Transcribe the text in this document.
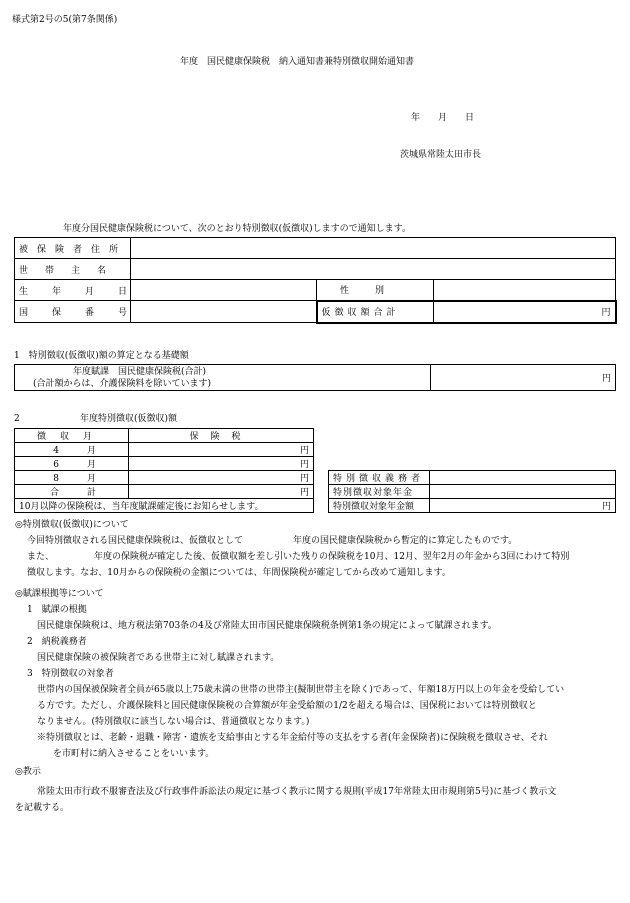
様式第2号の5(第7条関係)
年度　国民健康保険税　納入通知書兼特別徴収開始通知書
年　　月　　日
茨城県常陸太田市長
年度分国民健康保険税について、次のとおり特別徴収(仮徴収)しますので通知します。
被保険者住所			
世帯主名			
生年月日		性別	
国保番号		仮徴収額合計	円
1　特別徴収(仮徴収)額の算定となる基礎額
年度賦課　国民健康保険税(合計)
(合計額からは、介護保険料を除いています)	円
2	年度特別徴収(仮徴収)額
徴収月	保険税
4 月	円
6 月	円
8 月	円
合 計	円
10月以降の保険税は、当年度賦課確定後にお知らせします。	
特別徴収義務者	
特別徴収対象年金	
特別徴収対象年金額	円
◎特別徴収(仮徴収)について
今回特別徴収される国民健康保険税は、仮徴収として	年度の国民健康保険税から暫定的に算定したものです。
また、	年度の保険税が確定した後、仮徴収額を差し引いた残りの保険税を10月、12月、翌年2月の年金から3回にわけて特別
徴収します。なお、10月からの保険税の金額については、年間保険税が確定してから改めて通知します。
◎賦課根拠等について
1　賦課の根拠
国民健康保険税は、地方税法第703条の4及び常陸太田市国民健康保険税条例第1条の規定によって賦課されます。
2　納税義務者
国民健康保険の被保険者である世帯主に対し賦課されます。
3　特別徴収の対象者
世帯内の国保被保険者全員が65歳以上75歳未満の世帯の世帯主(擬制世帯主を除く)であって、年額18万円以上の年金を受給してい
る方です。ただし、介護保険料と国民健康保険税の合算額が年金受給額の1/2を超える場合は、国保税においては特別徴収と
なりません。(特別徴収に該当しない場合は、普通徴収となります。)
※特別徴収とは、老齢・退職・障害・遺族を支給事由とする年金給付等の支払をする者(年金保険者)に保険税を徴収させ、それ
を市町村に納入させることをいいます。
◎教示
常陸太田市行政不服審査法及び行政事件訴訟法の規定に基づく教示に関する規則(平成17年常陸太田市規則第5号)に基づく教示文
を記載する。
